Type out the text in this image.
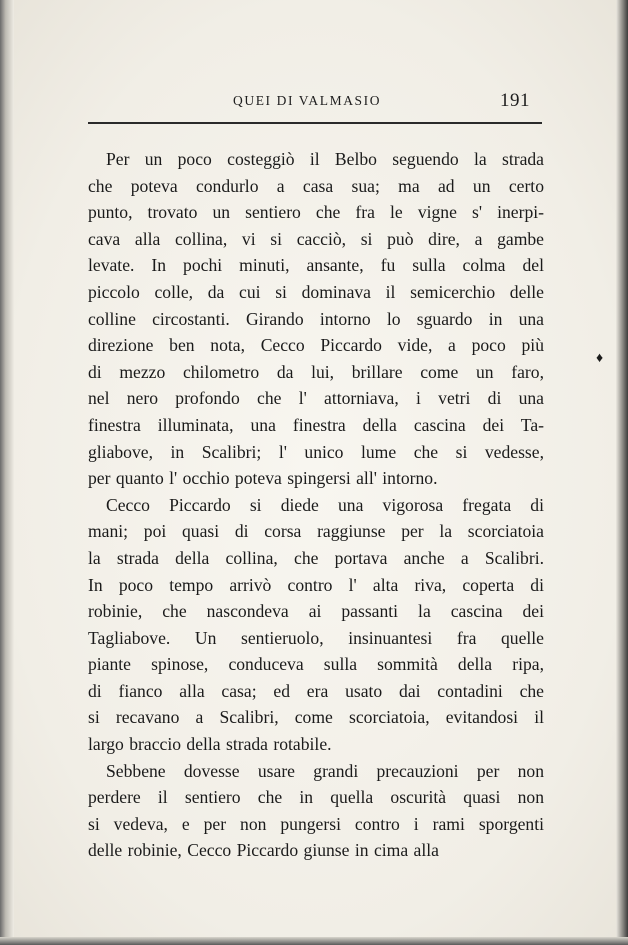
QUEI DI VALMASIO	191
Per un poco costeggiò il Belbo seguendo la strada
che poteva condurlo a casa sua; ma ad un certo
punto, trovato un sentiero che fra le vigne s' inerpi-
cava alla collina, vi si cacciò, si può dire, a gambe
levate. In pochi minuti, ansante, fu sulla colma del
piccolo colle, da cui si dominava il semicerchio delle
colline circostanti. Girando intorno lo sguardo in una
direzione ben nota, Cecco Piccardo vide, a poco più
di mezzo chilometro da lui, brillare come un faro,
nel nero profondo che l' attorniava, i vetri di una
finestra illuminata, una finestra della cascina dei Ta-
gliabove, in Scalibri; l' unico lume che si vedesse,
per quanto l' occhio poteva spingersi all' intorno.
Cecco Piccardo si diede una vigorosa fregata di
mani; poi quasi di corsa raggiunse per la scorciatoia
la strada della collina, che portava anche a Scalibri.
In poco tempo arrivò contro l' alta riva, coperta di
robinie, che nascondeva ai passanti la cascina dei
Tagliabove. Un sentieruolo, insinuantesi fra quelle
piante spinose, conduceva sulla sommità della ripa,
di fianco alla casa; ed era usato dai contadini che
si recavano a Scalibri, come scorciatoia, evitandosi il
largo braccio della strada rotabile.
Sebbene dovesse usare grandi precauzioni per non
perdere il sentiero che in quella oscurità quasi non
si vedeva, e per non pungersi contro i rami sporgenti
delle robinie, Cecco Piccardo giunse in cima alla
♦
